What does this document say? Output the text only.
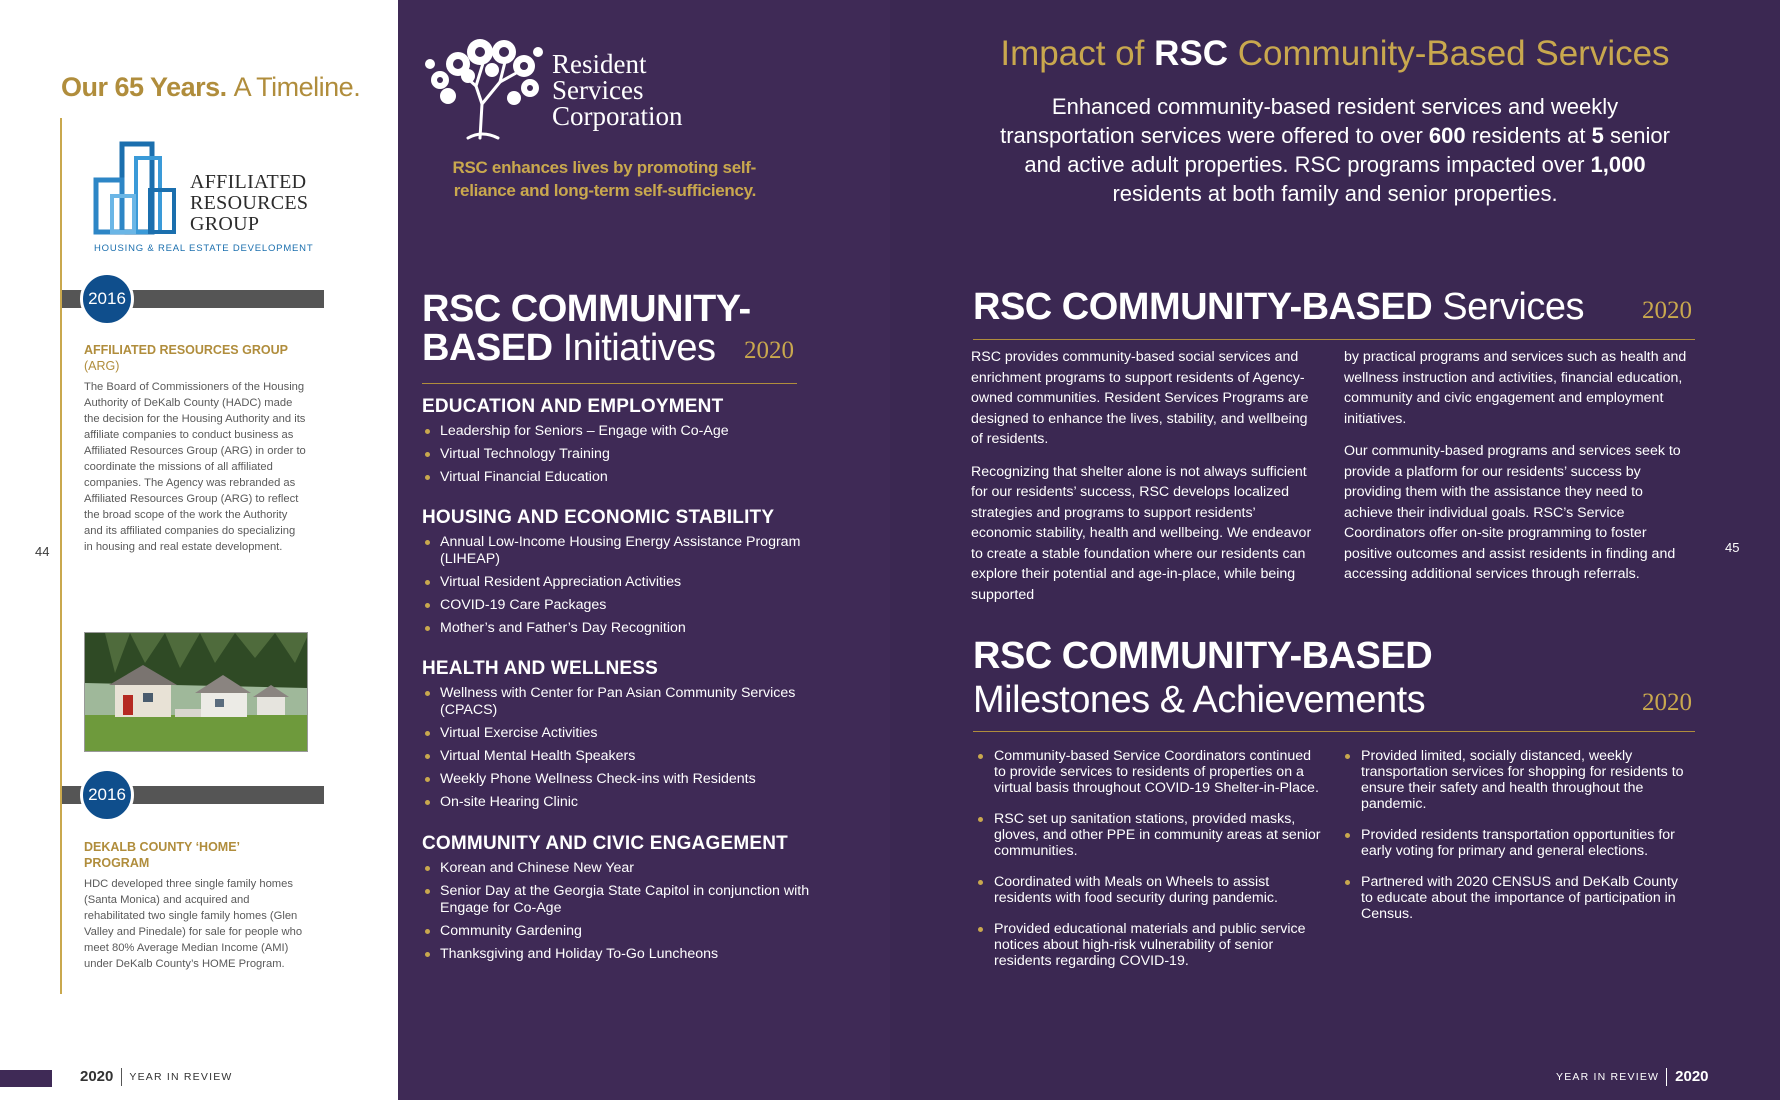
Our 65 Years. A Timeline.
44
AFFILIATED
RESOURCES
GROUP
HOUSING & REAL ESTATE DEVELOPMENT
2016
AFFILIATED RESOURCES GROUP
(ARG)
The Board of Commissioners of the Housing Authority of DeKalb County (HADC) made the decision for the Housing Authority and its affiliate companies to conduct business as Affiliated Resources Group (ARG) in order to coordinate the missions of all affiliated companies. The Agency was rebranded as Affiliated Resources Group (ARG) to reflect the broad scope of the work the Authority and its affiliated companies do specializing in housing and real estate development.
2016
DEKALB COUNTY ‘HOME’
PROGRAM
HDC developed three single family homes (Santa Monica) and acquired and rehabilitated two single family homes (Glen Valley and Pinedale) for sale for people who meet 80% Average Median Income (AMI) under DeKalb County’s HOME Program.
2020 YEAR IN REVIEW
Resident
Services
Corporation
RSC enhances lives by promoting self-reliance and long-term self-sufficiency.
RSC COMMUNITY-BASED Initiatives	2020
EDUCATION AND EMPLOYMENT
Leadership for Seniors – Engage with Co-Age
Virtual Technology Training
Virtual Financial Education
HOUSING AND ECONOMIC STABILITY
Annual Low-Income Housing Energy Assistance Program (LIHEAP)
Virtual Resident Appreciation Activities
COVID-19 Care Packages
Mother’s and Father’s Day Recognition
HEALTH AND WELLNESS
Wellness with Center for Pan Asian Community Services (CPACS)
Virtual Exercise Activities
Virtual Mental Health Speakers
Weekly Phone Wellness Check-ins with Residents
On-site Hearing Clinic
COMMUNITY AND CIVIC ENGAGEMENT
Korean and Chinese New Year
Senior Day at the Georgia State Capitol in conjunction with Engage for Co-Age
Community Gardening
Thanksgiving and Holiday To-Go Luncheons
Impact of RSC Community-Based Services
Enhanced community-based resident services and weekly transportation services were offered to over 600 residents at 5 senior and active adult properties. RSC programs impacted over 1,000 residents at both family and senior properties.
RSC COMMUNITY-BASED Services 2020

RSC provides community-based social services and enrichment programs to support residents of Agency-owned communities. Resident Services Programs are designed to enhance the lives, stability, and wellbeing of residents.

Recognizing that shelter alone is not always sufficient for our residents’ success, RSC develops localized strategies and programs to support residents’ economic stability, health and wellbeing. We endeavor to create a stable foundation where our residents can explore their potential and age-in-place, while being supported

by practical programs and services such as health and wellness instruction and activities, financial education, community and civic engagement and employment initiatives.

Our community-based programs and services seek to provide a platform for our residents’ success by providing them with the assistance they need to achieve their individual goals. RSC’s Service Coordinators offer on-site programming to foster positive outcomes and assist residents in finding and accessing additional services through referrals.

RSC COMMUNITY-BASED
Milestones & Achievements	2020
Community-based Service Coordinators continued to provide services to residents of properties on a virtual basis throughout COVID-19 Shelter-in-Place.
RSC set up sanitation stations, provided masks, gloves, and other PPE in community areas at senior communities.
Coordinated with Meals on Wheels to assist residents with food security during pandemic.
Provided educational materials and public service notices about high-risk vulnerability of senior residents regarding COVID-19.
Provided limited, socially distanced, weekly transportation services for shopping for residents to ensure their safety and health throughout the pandemic.
Provided residents transportation opportunities for early voting for primary and general elections.
Partnered with 2020 CENSUS and DeKalb County to educate about the importance of participation in Census.
45
YEAR IN REVIEW 2020
